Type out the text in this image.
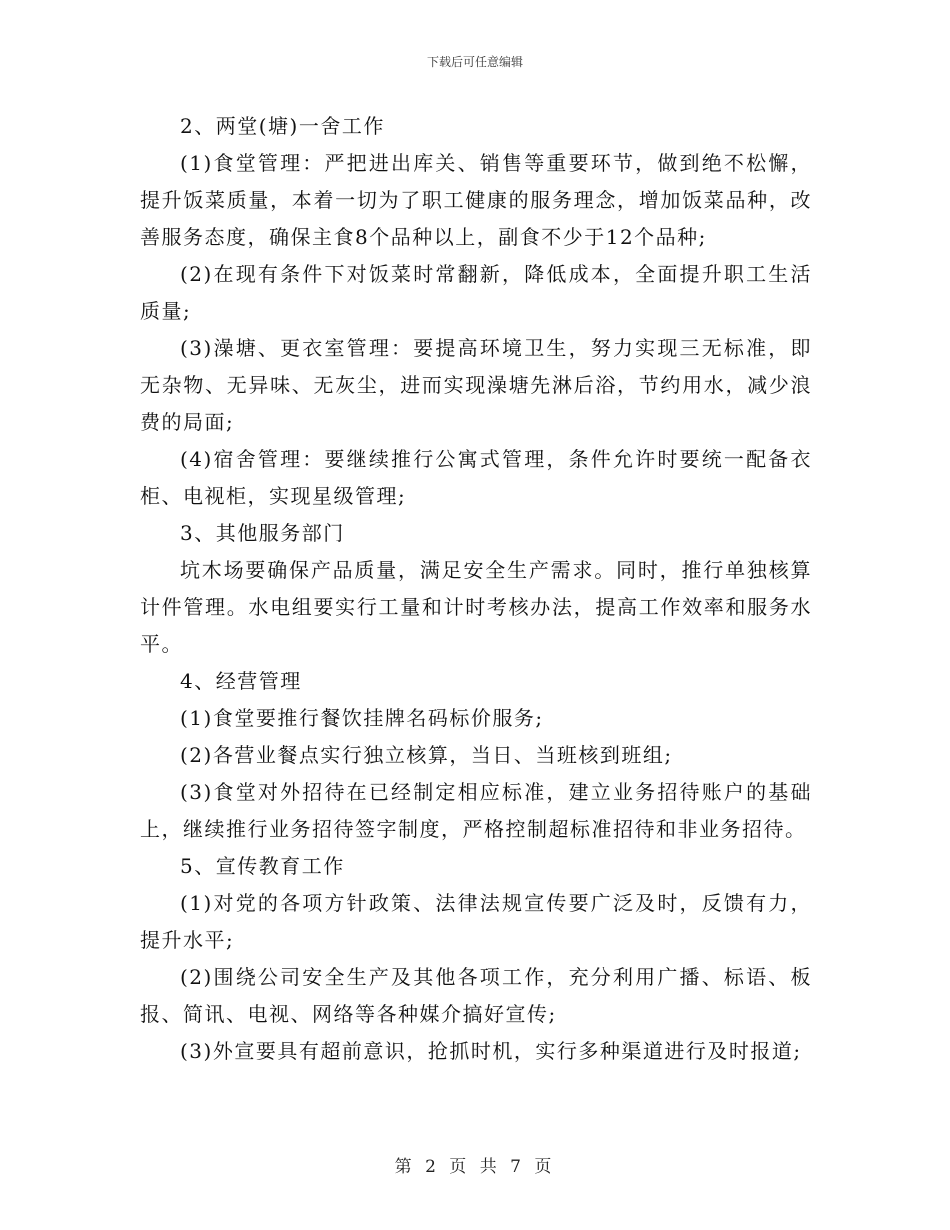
下载后可任意编辑

2、两堂(塘)一舍工作

(1)食堂管理：严把进出库关、销售等重要环节，做到绝不松懈，提升饭菜质量，本着一切为了职工健康的服务理念，增加饭菜品种，改善服务态度，确保主食8个品种以上，副食不少于12个品种;

(2)在现有条件下对饭菜时常翻新，降低成本，全面提升职工生活质量;

(3)澡塘、更衣室管理：要提高环境卫生，努力实现三无标准，即无杂物、无异味、无灰尘，进而实现澡塘先淋后浴，节约用水，减少浪费的局面;

(4)宿舍管理：要继续推行公寓式管理，条件允许时要统一配备衣柜、电视柜，实现星级管理;

3、其他服务部门

坑木场要确保产品质量，满足安全生产需求。同时，推行单独核算计件管理。水电组要实行工量和计时考核办法，提高工作效率和服务水平。

4、经营管理

(1)食堂要推行餐饮挂牌名码标价服务;

(2)各营业餐点实行独立核算，当日、当班核到班组;

(3)食堂对外招待在已经制定相应标准，建立业务招待账户的基础上，继续推行业务招待签字制度，严格控制超标准招待和非业务招待。

5、宣传教育工作

(1)对党的各项方针政策、法律法规宣传要广泛及时，反馈有力，提升水平;

(2)围绕公司安全生产及其他各项工作，充分利用广播、标语、板报、简讯、电视、网络等各种媒介搞好宣传;

(3)外宣要具有超前意识，抢抓时机，实行多种渠道进行及时报道;

第 2 页 共 7 页
